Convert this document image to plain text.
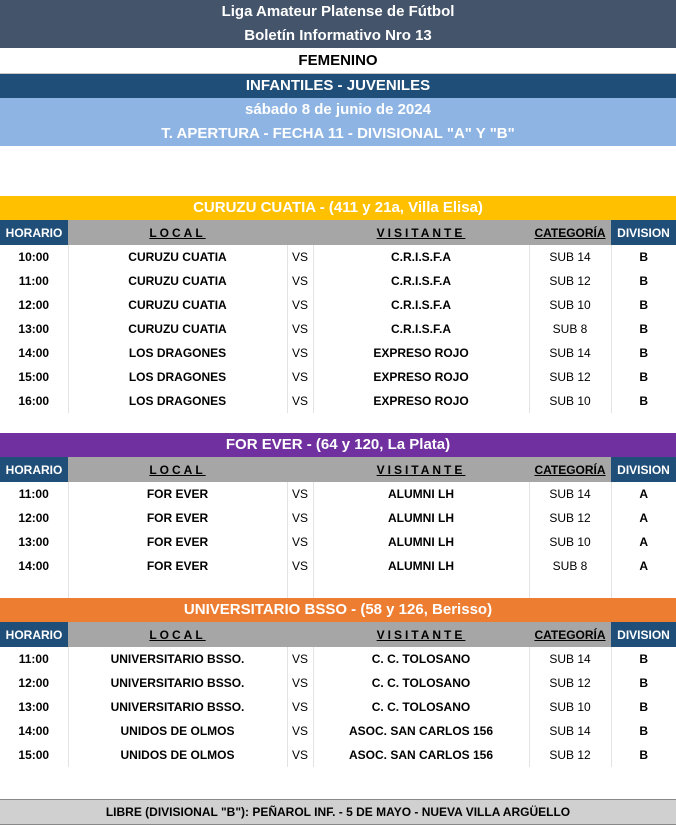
Liga Amateur Platense de Fútbol
Boletín Informativo Nro 13
FEMENINO
INFANTILES - JUVENILES
sábado 8 de junio de 2024
T. APERTURA - FECHA 11 - DIVISIONAL "A" Y "B"
CURUZU CUATIA - (411 y 21a, Villa Elisa)
HORARIO	LOCAL		VISITANTE	CATEGORÍA	DIVISION
10:00	CURUZU CUATIA	VS	C.R.I.S.F.A	SUB 14	B
11:00	CURUZU CUATIA	VS	C.R.I.S.F.A	SUB 12	B
12:00	CURUZU CUATIA	VS	C.R.I.S.F.A	SUB 10	B
13:00	CURUZU CUATIA	VS	C.R.I.S.F.A	SUB 8	B
14:00	LOS DRAGONES	VS	EXPRESO ROJO	SUB 14	B
15:00	LOS DRAGONES	VS	EXPRESO ROJO	SUB 12	B
16:00	LOS DRAGONES	VS	EXPRESO ROJO	SUB 10	B
FOR EVER - (64 y 120, La Plata)
HORARIO	LOCAL		VISITANTE	CATEGORÍA	DIVISION
11:00	FOR EVER	VS	ALUMNI LH	SUB 14	A
12:00	FOR EVER	VS	ALUMNI LH	SUB 12	A
13:00	FOR EVER	VS	ALUMNI LH	SUB 10	A
14:00	FOR EVER	VS	ALUMNI LH	SUB 8	A

UNIVERSITARIO BSSO - (58 y 126, Berisso)
HORARIO	LOCAL		VISITANTE	CATEGORÍA	DIVISION
11:00	UNIVERSITARIO BSSO.	VS	C. C. TOLOSANO	SUB 14	B
12:00	UNIVERSITARIO BSSO.	VS	C. C. TOLOSANO	SUB 12	B
13:00	UNIVERSITARIO BSSO.	VS	C. C. TOLOSANO	SUB 10	B
14:00	UNIDOS DE OLMOS	VS	ASOC. SAN CARLOS 156	SUB 14	B
15:00	UNIDOS DE OLMOS	VS	ASOC. SAN CARLOS 156	SUB 12	B
LIBRE (DIVISIONAL "B"): PEÑAROL INF. - 5 DE MAYO - NUEVA VILLA ARGÜELLO
